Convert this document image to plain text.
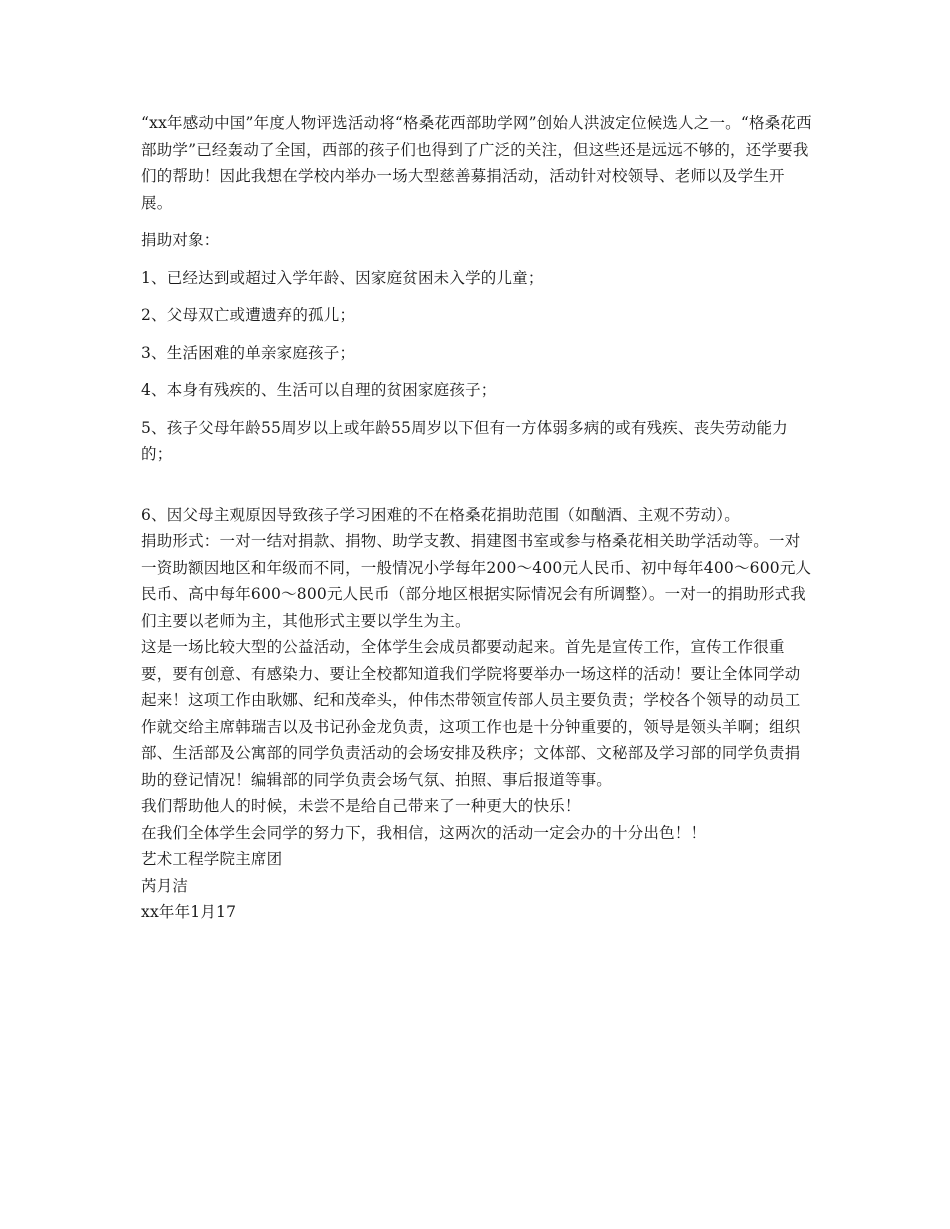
“xx年感动中国”年度人物评选活动将“格桑花西部助学网”创始人洪波定位候选人之一。“格桑花西部助学”已经轰动了全国，西部的孩子们也得到了广泛的关注，但这些还是远远不够的，还学要我们的帮助！因此我想在学校内举办一场大型慈善募捐活动，活动针对校领导、老师以及学生开展。

捐助对象：

1、已经达到或超过入学年龄、因家庭贫困未入学的儿童；

2、父母双亡或遭遗弃的孤儿；

3、生活困难的单亲家庭孩子；

4、本身有残疾的、生活可以自理的贫困家庭孩子；

5、孩子父母年龄55周岁以上或年龄55周岁以下但有一方体弱多病的或有残疾、丧失劳动能力的；

6、因父母主观原因导致孩子学习困难的不在格桑花捐助范围（如酗酒、主观不劳动）。

捐助形式：一对一结对捐款、捐物、助学支教、捐建图书室或参与格桑花相关助学活动等。一对一资助额因地区和年级而不同，一般情况小学每年200～400元人民币、初中每年400～600元人民币、高中每年600～800元人民币（部分地区根据实际情况会有所调整）。一对一的捐助形式我们主要以老师为主，其他形式主要以学生为主。

这是一场比较大型的公益活动，全体学生会成员都要动起来。首先是宣传工作，宣传工作很重要，要有创意、有感染力、要让全校都知道我们学院将要举办一场这样的活动！要让全体同学动起来！这项工作由耿娜、纪和茂牵头，仲伟杰带领宣传部人员主要负责；学校各个领导的动员工作就交给主席韩瑞吉以及书记孙金龙负责，这项工作也是十分钟重要的，领导是领头羊啊；组织部、生活部及公寓部的同学负责活动的会场安排及秩序；文体部、文秘部及学习部的同学负责捐助的登记情况！编辑部的同学负责会场气氛、拍照、事后报道等事。

我们帮助他人的时候，未尝不是给自己带来了一种更大的快乐！

在我们全体学生会同学的努力下，我相信，这两次的活动一定会办的十分出色！！

艺术工程学院主席团

芮月洁

xx年年1月17
